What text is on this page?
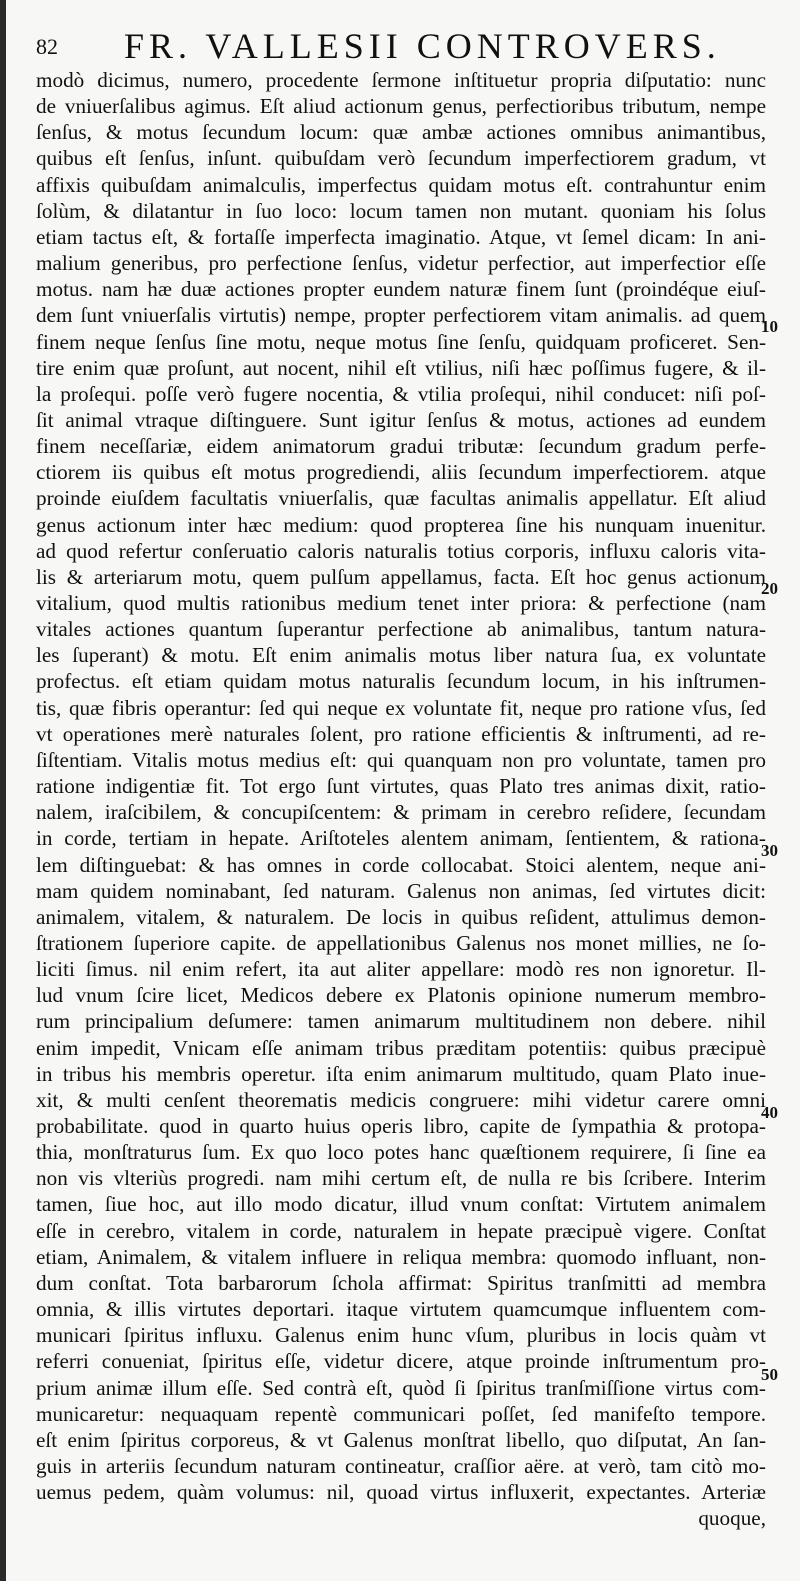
82 FR. VALLESII CONTROVERS.
modò dicimus, numero, procedente ſermone inſtituetur propria diſputatio: nunc
de vniuerſalibus agimus. Eſt aliud actionum genus, perfectioribus tributum, nempe
ſenſus, & motus ſecundum locum: quæ ambæ actiones omnibus animantibus,
quibus eſt ſenſus, inſunt. quibuſdam verò ſecundum imperfectiorem gradum, vt
affixis quibuſdam animalculis, imperfectus quidam motus eſt. contrahuntur enim
ſolùm, & dilatantur in ſuo loco: locum tamen non mutant. quoniam his ſolus
etiam tactus eſt, & fortaſſe imperfecta imaginatio. Atque, vt ſemel dicam: In ani-
malium generibus, pro perfectione ſenſus, videtur perfectior, aut imperfectior eſſe
motus. nam hæ duæ actiones propter eundem naturæ finem ſunt (proindéque eiuſ-
dem ſunt vniuerſalis virtutis) nempe, propter perfectiorem vitam animalis. ad quem
finem neque ſenſus ſine motu, neque motus ſine ſenſu, quidquam proficeret. Sen-
tire enim quæ proſunt, aut nocent, nihil eſt vtilius, niſi hæc poſſimus fugere, & il-
la proſequi. poſſe verò fugere nocentia, & vtilia proſequi, nihil conducet: niſi poſ-
ſit animal vtraque diſtinguere. Sunt igitur ſenſus & motus, actiones ad eundem
finem neceſſariæ, eidem animatorum gradui tributæ: ſecundum gradum perfe-
ctiorem iis quibus eſt motus progrediendi, aliis ſecundum imperfectiorem. atque
proinde eiuſdem facultatis vniuerſalis, quæ facultas animalis appellatur. Eſt aliud
genus actionum inter hæc medium: quod propterea ſine his nunquam inuenitur.
ad quod refertur conſeruatio caloris naturalis totius corporis, influxu caloris vita-
lis & arteriarum motu, quem pulſum appellamus, facta. Eſt hoc genus actionum
vitalium, quod multis rationibus medium tenet inter priora: & perfectione (nam
vitales actiones quantum ſuperantur perfectione ab animalibus, tantum naturа-
les ſuperant) & motu. Eſt enim animalis motus liber natura ſua, ex voluntate
profectus. eſt etiam quidam motus naturalis ſecundum locum, in his inſtrumen-
tis, quæ fibris operantur: ſed qui neque ex voluntate fit, neque pro ratione vſus, ſed
vt operationes merè naturales ſolent, pro ratione efficientis & inſtrumenti, ad re-
ſiſtentiam. Vitalis motus medius eſt: qui quanquam non pro voluntate, tamen pro
ratione indigentiæ fit. Tot ergo ſunt virtutes, quas Plato tres animas dixit, ratio-
nalem, iraſcibilem, & concupiſcentem: & primam in cerebro reſidere, ſecundam
in corde, tertiam in hepate. Ariſtoteles alentem animam, ſentientem, & rationa-
lem diſtinguebat: & has omnes in corde collocabat. Stoici alentem, neque ani-
mam quidem nominabant, ſed naturam. Galenus non animas, ſed virtutes dicit:
animalem, vitalem, & naturalem. De locis in quibus reſident, attulimus demon-
ſtrationem ſuperiore capite. de appellationibus Galenus nos monet millies, ne ſo-
liciti ſimus. nil enim refert, ita aut aliter appellare: modò res non ignoretur. Il-
lud vnum ſcire licet, Medicos debere ex Platonis opinione numerum membro-
rum principalium deſumere: tamen animarum multitudinem non debere. nihil
enim impedit, Vnicam eſſe animam tribus præditam potentiis: quibus præcipuè
in tribus his membris operetur. iſta enim animarum multitudo, quam Plato inue-
xit, & multi cenſent theorematis medicis congruere: mihi videtur carere omni
probabilitate. quod in quarto huius operis libro, capite de ſympathia & protopa-
thia, monſtraturus ſum. Ex quo loco potes hanc quæſtionem requirere, ſi ſine ea
non vis vlteriùs progredi. nam mihi certum eſt, de nulla re bis ſcribere. Interim
tamen, ſiue hoc, aut illo modo dicatur, illud vnum conſtat: Virtutem animalem
eſſe in cerebro, vitalem in corde, naturalem in hepate præcipuè vigere. Conſtat
etiam, Animalem, & vitalem influere in reliqua membra: quomodo influant, non-
dum conſtat. Tota barbarorum ſchola affirmat: Spiritus tranſmitti ad membra
omnia, & illis virtutes deportari. itaque virtutem quamcumque influentem com-
municari ſpiritus influxu. Galenus enim hunc vſum, pluribus in locis quàm vt
referri conueniat, ſpiritus eſſe, videtur dicere, atque proinde inſtrumentum pro-
prium animæ illum eſſe. Sed contrà eſt, quòd ſi ſpiritus tranſmiſſione virtus com-
municaretur: nequaquam repentè communicari poſſet, ſed manifeſto tempore.
eſt enim ſpiritus corporeus, & vt Galenus monſtrat libello, quo diſputat, An ſan-
guis in arteriis ſecundum naturam contineatur, craſſior aëre. at verò, tam citò mo-
uemus pedem, quàm volumus: nil, quoad virtus influxerit, expectantes. Arteriæ
quoque,
10
20
30
40
50
